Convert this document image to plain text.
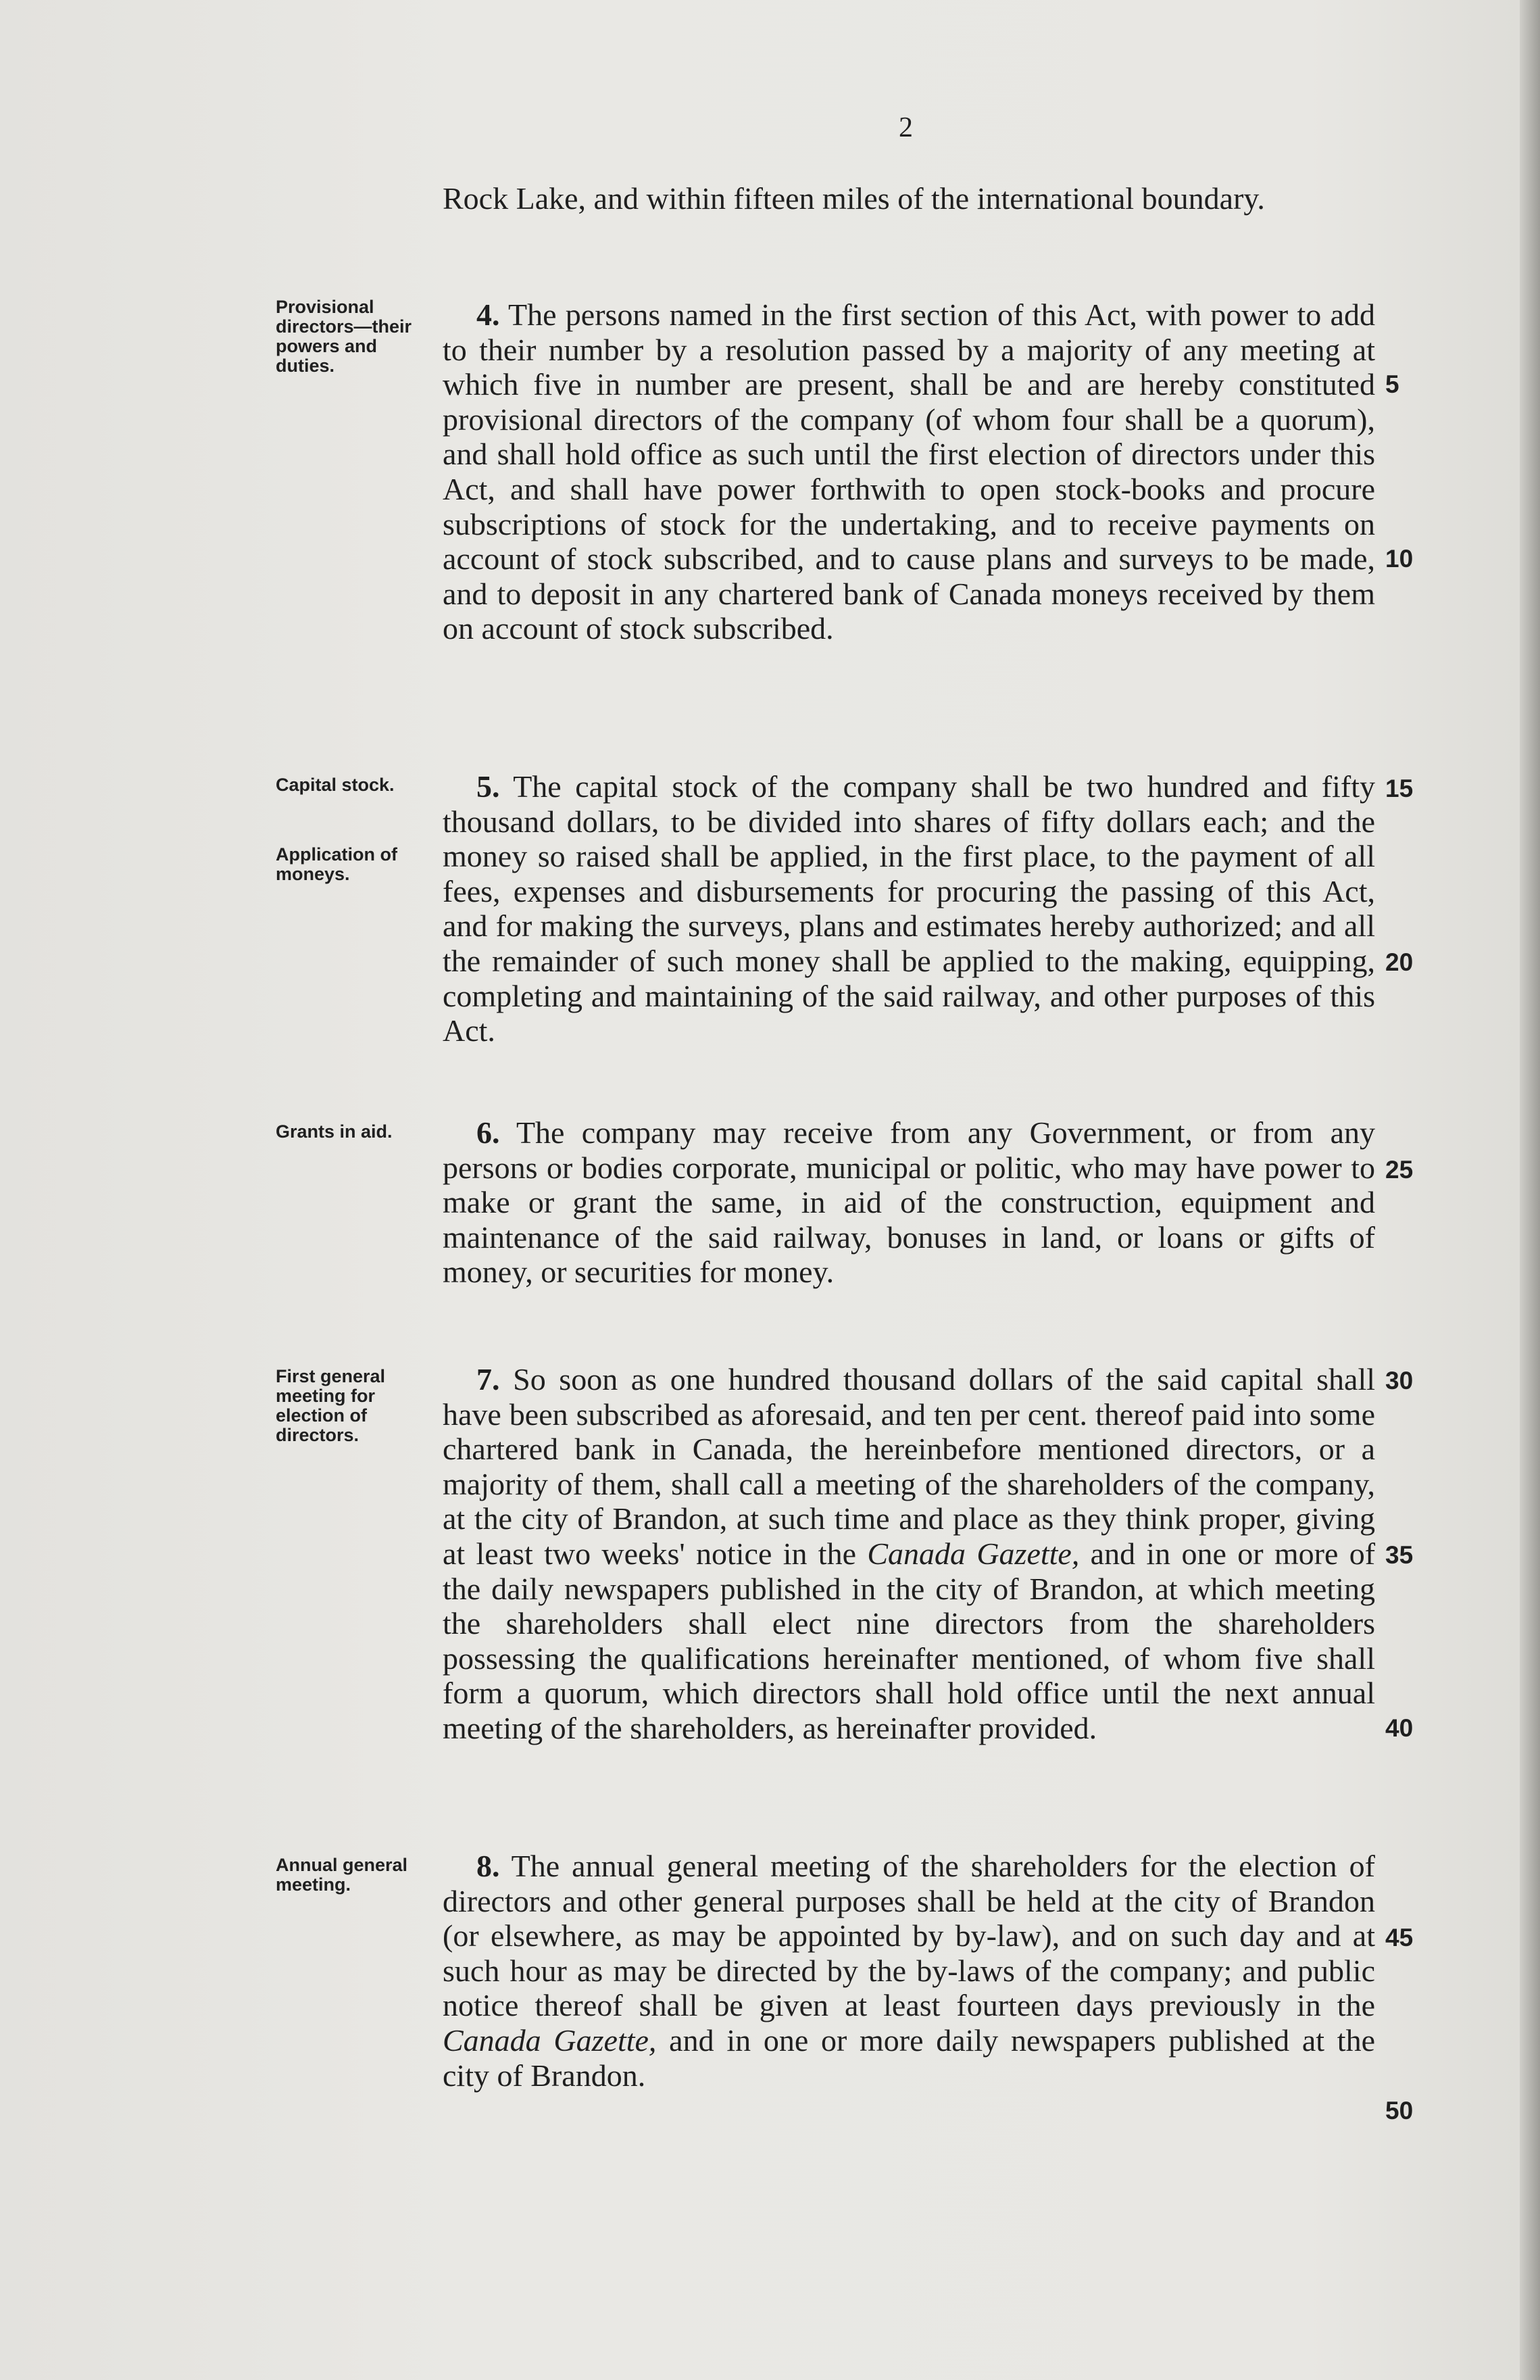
2

Rock Lake, and within fifteen miles of the international boundary.

Provisional directors—their powers and duties.

4. The persons named in the first section of this Act, with power to add to their number by a resolution passed by a majority of any meeting at which five in number are present, shall be and are hereby constituted provisional directors of the company (of whom four shall be a quorum), and shall hold office as such until the first election of directors under this Act, and shall have power forthwith to open stock-books and procure subscriptions of stock for the undertaking, and to receive payments on account of stock subscribed, and to cause plans and surveys to be made, and to deposit in any chartered bank of Canada moneys received by them on account of stock subscribed.

Capital stock.

Application of moneys.

5. The capital stock of the company shall be two hundred and fifty thousand dollars, to be divided into shares of fifty dollars each; and the money so raised shall be applied, in the first place, to the payment of all fees, expenses and disbursements for procuring the passing of this Act, and for making the surveys, plans and estimates hereby authorized; and all the remainder of such money shall be applied to the making, equipping, completing and maintaining of the said railway, and other purposes of this Act.

Grants in aid.	6. The company may receive from any Government, or from any persons or bodies corporate, municipal or politic, who may have power to make or grant the same, in aid of the construction, equipment and maintenance of the said railway, bonuses in land, or loans or gifts of money, or securities for money.

First general meeting for election of directors.

7. So soon as one hundred thousand dollars of the said capital shall have been subscribed as aforesaid, and ten per cent. thereof paid into some chartered bank in Canada, the hereinbefore mentioned directors, or a majority of them, shall call a meeting of the shareholders of the company, at the city of Brandon, at such time and place as they think proper, giving at least two weeks' notice in the Canada Gazette, and in one or more of the daily newspapers published in the city of Brandon, at which meeting the shareholders shall elect nine directors from the shareholders possessing the qualifications hereinafter mentioned, of whom five shall form a quorum, which directors shall hold office until the next annual meeting of the shareholders, as hereinafter provided.

Annual general meeting.

8. The annual general meeting of the shareholders for the election of directors and other general purposes shall be held at the city of Brandon (or elsewhere, as may be appointed by by-law), and on such day and at such hour as may be directed by the by-laws of the company; and public notice thereof shall be given at least fourteen days previously in the Canada Gazette, and in one or more daily newspapers published at the city of Brandon.

5

10

15

20

25

30

35

40

45

50
